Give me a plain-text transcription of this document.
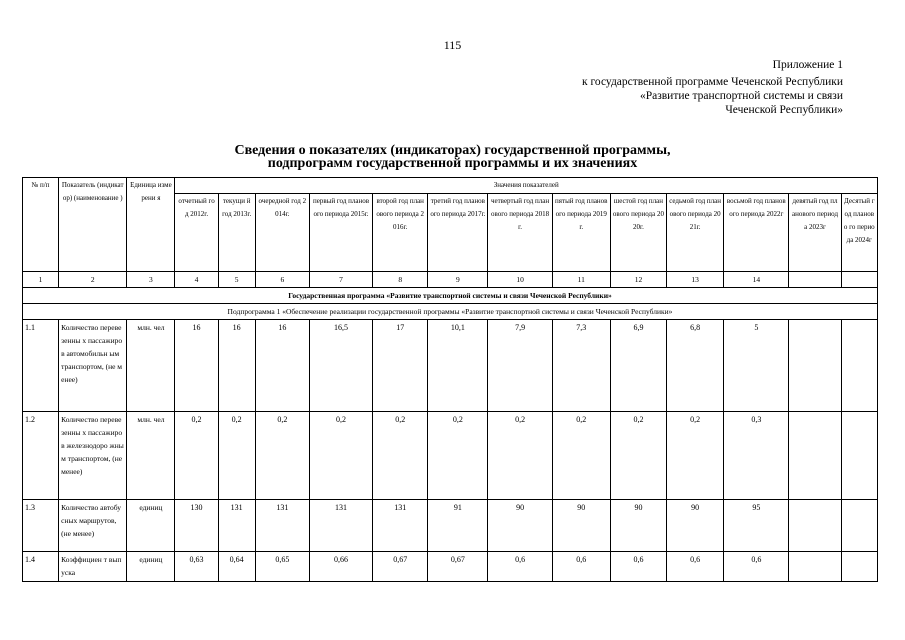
115
Приложение 1
к государственной программе Чеченской Республики
«Развитие транспортной системы и связи
Чеченской Республики»
Сведения о показателях (индикаторах) государственной программы,
подпрограмм государственной программы и их значениях
№ п/п	Показатель (индикатор) (наименование )	Единица измерени я	Значения показателей												
			отчетный год 2012г.	текущи й год 2013г.	очередной год 2014г.	первый год планового периода 2015г.	второй год планового периода 2016г.	третий год планового периода 2017г.	четвертый год планового периода 2018г.	пятый год планового периода 2019г.	шестой год планового периода 2020г.	седьмой год планового периода 2021г.	восьмой год планового периода 2022г	девятый год планового периода 2023г	Десятый год планово го периода 2024г
1	2	3	4	5	6	7	8	9	10	11	12	13	14		
Государственная программа «Развитие транспортной системы и связи Чеченской Республики»															
Подпрограмма 1 «Обеспечение реализации государственной программы «Развитие транспортной системы и связи Чеченской Республики»															
1.1	Количество перевезенны х пассажиров автомобильн ым транспортом, (не менее)	млн. чел	16	16	16	16,5	17	10,1	7,9	7,3	6,9	6,8	5		
1.2	Количество перевезенны х пассажиров железнодоро жным транспортом, (не менее)	млн. чел	0,2	0,2	0,2	0,2	0,2	0,2	0,2	0,2	0,2	0,2	0,3		
1.3	Количество автобусных маршрутов, (не менее)	единиц	130	131	131	131	131	91	90	90	90	90	95		
1.4	Коэффициен т выпуска	единиц	0,63	0,64	0,65	0,66	0,67	0,67	0,6	0,6	0,6	0,6	0,6		
